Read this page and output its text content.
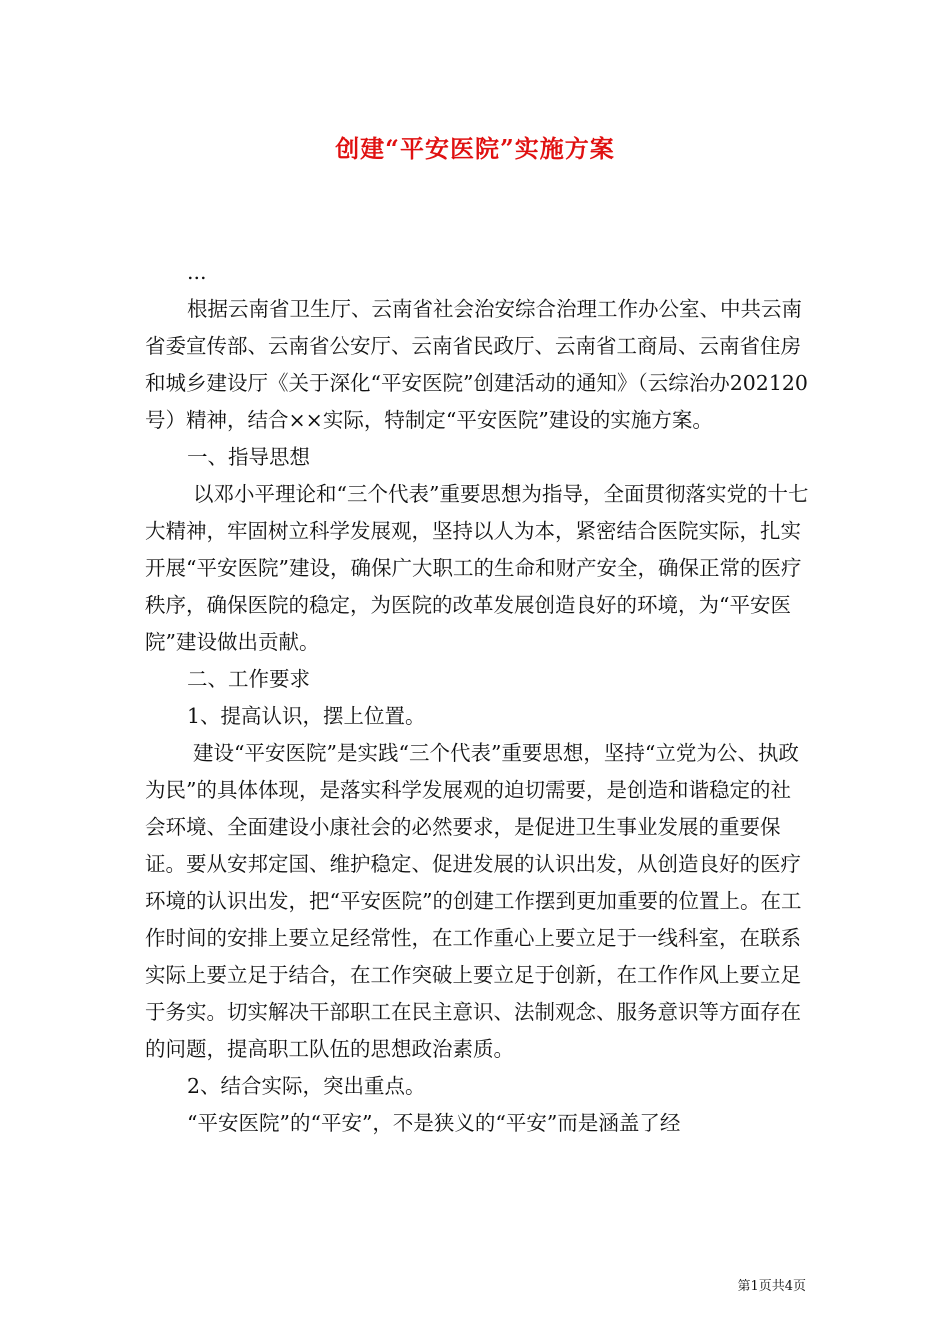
创建“平安医院”实施方案

...

根据云南省卫生厅、云南省社会治安综合治理工作办公室、中共云南省委宣传部、云南省公安厅、云南省民政厅、云南省工商局、云南省住房和城乡建设厅《关于深化“平安医院”创建活动的通知》（云综治办202120号）精神，结合××实际，特制定“平安医院”建设的实施方案。

一、指导思想

以邓小平理论和“三个代表”重要思想为指导，全面贯彻落实党的十七大精神，牢固树立科学发展观，坚持以人为本，紧密结合医院实际，扎实开展“平安医院”建设，确保广大职工的生命和财产安全，确保正常的医疗秩序，确保医院的稳定，为医院的改革发展创造良好的环境，为“平安医院”建设做出贡献。

二、工作要求

1、提高认识，摆上位置。

建设“平安医院”是实践“三个代表”重要思想，坚持“立党为公、执政为民”的具体体现，是落实科学发展观的迫切需要，是创造和谐稳定的社会环境、全面建设小康社会的必然要求，是促进卫生事业发展的重要保证。要从安邦定国、维护稳定、促进发展的认识出发，从创造良好的医疗环境的认识出发，把“平安医院”的创建工作摆到更加重要的位置上。在工作时间的安排上要立足经常性，在工作重心上要立足于一线科室，在联系实际上要立足于结合，在工作突破上要立足于创新，在工作作风上要立足于务实。切实解决干部职工在民主意识、法制观念、服务意识等方面存在的问题，提高职工队伍的思想政治素质。

2、结合实际，突出重点。

“平安医院”的“平安”，不是狭义的“平安”而是涵盖了经

第1页共4页
